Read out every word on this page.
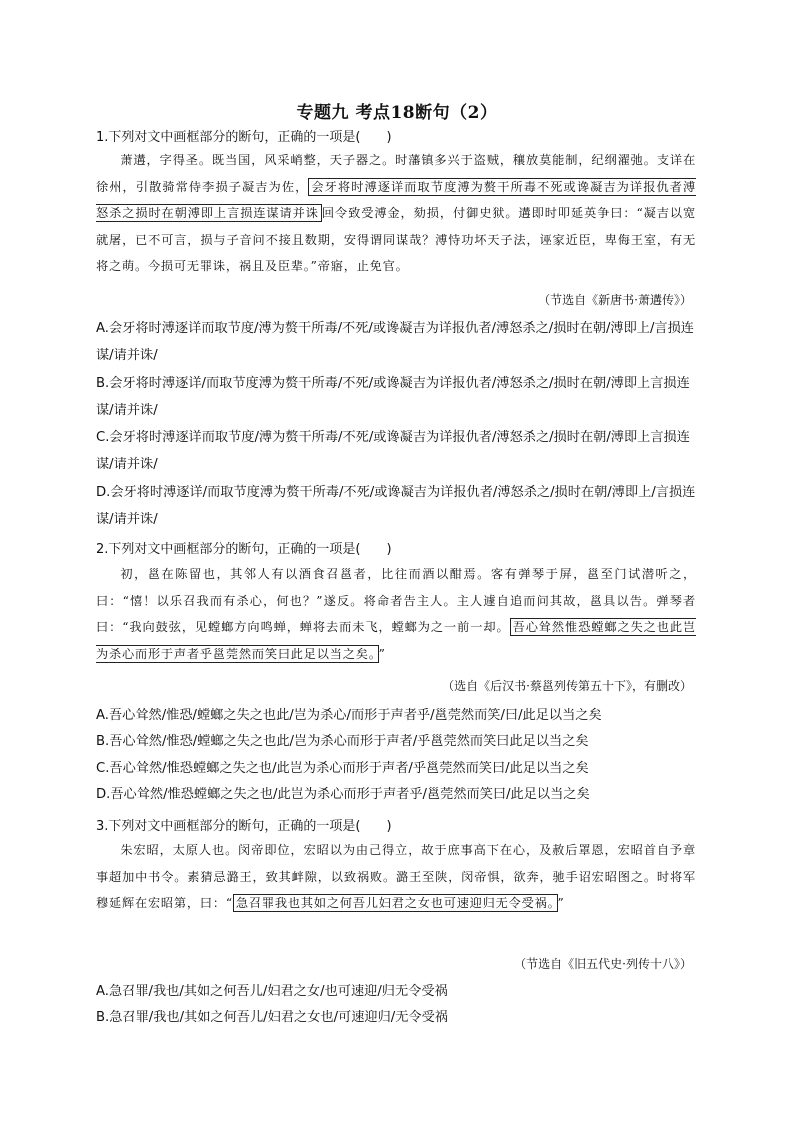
专题九 考点18断句（2）
1.下列对文中画框部分的断句，正确的一项是(　　)
萧遘，字得圣。既当国，风采峭整，天子器之。时藩镇多兴于盗贼，穰放莫能制，纪纲濯弛。支详在徐州，引散骑常侍李损子凝吉为佐， 会牙将时溥逐详而取节度溥为赘干所毒不死或谗凝吉为详报仇者溥怒杀之损时在朝溥即上言损连谋请并诛 回令致受溥金，劾损，付御史狱。遘即时叩延英争曰：“凝吉以宽就屠，已不可言，损与子音问不接且数期，安得谓同谋哉？溥恃功坏天子法，诬家近臣，卑侮王室，有无将之萌。今损可无罪诛，祸且及臣辈。”帝寤，止免官。
（节选自《新唐书·萧遘传》）
A.会牙将时溥逐详而取节度/溥为赘干所毒/不死/或谗凝吉为详报仇者/溥怒杀之/损时在朝/溥即上/言损连谋/请并诛/
B.会牙将时溥逐详/而取节度溥为赘干所毒/不死/或谗凝吉为详报仇者/溥怒杀之/损时在朝/溥即上言损连谋/请并诛/
C.会牙将时溥逐详而取节度/溥为赘干所毒/不死/或谗凝吉为详报仇者/溥怒杀之/损时在朝/溥即上言损连谋/请并诛/
D.会牙将时溥逐详/而取节度溥为赘干所毒/不死/或谗凝吉为详报仇者/溥怒杀之/损时在朝/溥即上/言损连谋/请并诛/
2.下列对文中画框部分的断句，正确的一项是(　　)
初，邕在陈留也，其邻人有以酒食召邕者，比往而酒以酣焉。客有弹琴于屏，邕至门试潜听之，曰：“憘！以乐召我而有杀心，何也？”遂反。将命者告主人。主人遽自追而问其故，邕具以告。弹琴者曰：“我向鼓弦，见螳螂方向鸣蝉，蝉将去而未飞，螳螂为之一前一却。 吾心耸然惟恐螳螂之失之也此岂为杀心而形于声者乎邕莞然而笑曰此足以当之矣。 ”
（选自《后汉书·蔡邕列传第五十下》，有删改）
A.吾心耸然/惟恐/螳螂之失之也此/岂为杀心/而形于声者乎/邕莞然而笑/曰/此足以当之矣
B.吾心耸然/惟恐/螳螂之失之也此/岂为杀心而形于声者/乎邕莞然而笑曰此足以当之矣
C.吾心耸然/惟恐螳螂之失之也/此岂为杀心而形于声者/乎邕莞然而笑曰/此足以当之矣
D.吾心耸然/惟恐螳螂之失之也/此岂为杀心而形于声者乎/邕莞然而笑曰/此足以当之矣
3.下列对文中画框部分的断句，正确的一项是(　　)
朱宏昭，太原人也。闵帝即位，宏昭以为由己得立，故于庶事高下在心，及赦后罩恩，宏昭首自予章事超加中书令。素猜忌潞王，致其衅隙，以致祸败。潞王至陕，闵帝惧，欲奔，驰手诏宏昭图之。时将军穆延辉在宏昭第，曰：“ 急召罪我也其如之何吾儿妇君之女也可速迎归无令受祸。 ”
（节选自《旧五代史·列传十八》）
A.急召罪/我也/其如之何吾儿/妇君之女/也可速迎/归无令受祸
B.急召罪/我也/其如之何吾儿/妇君之女也/可速迎归/无令受祸
